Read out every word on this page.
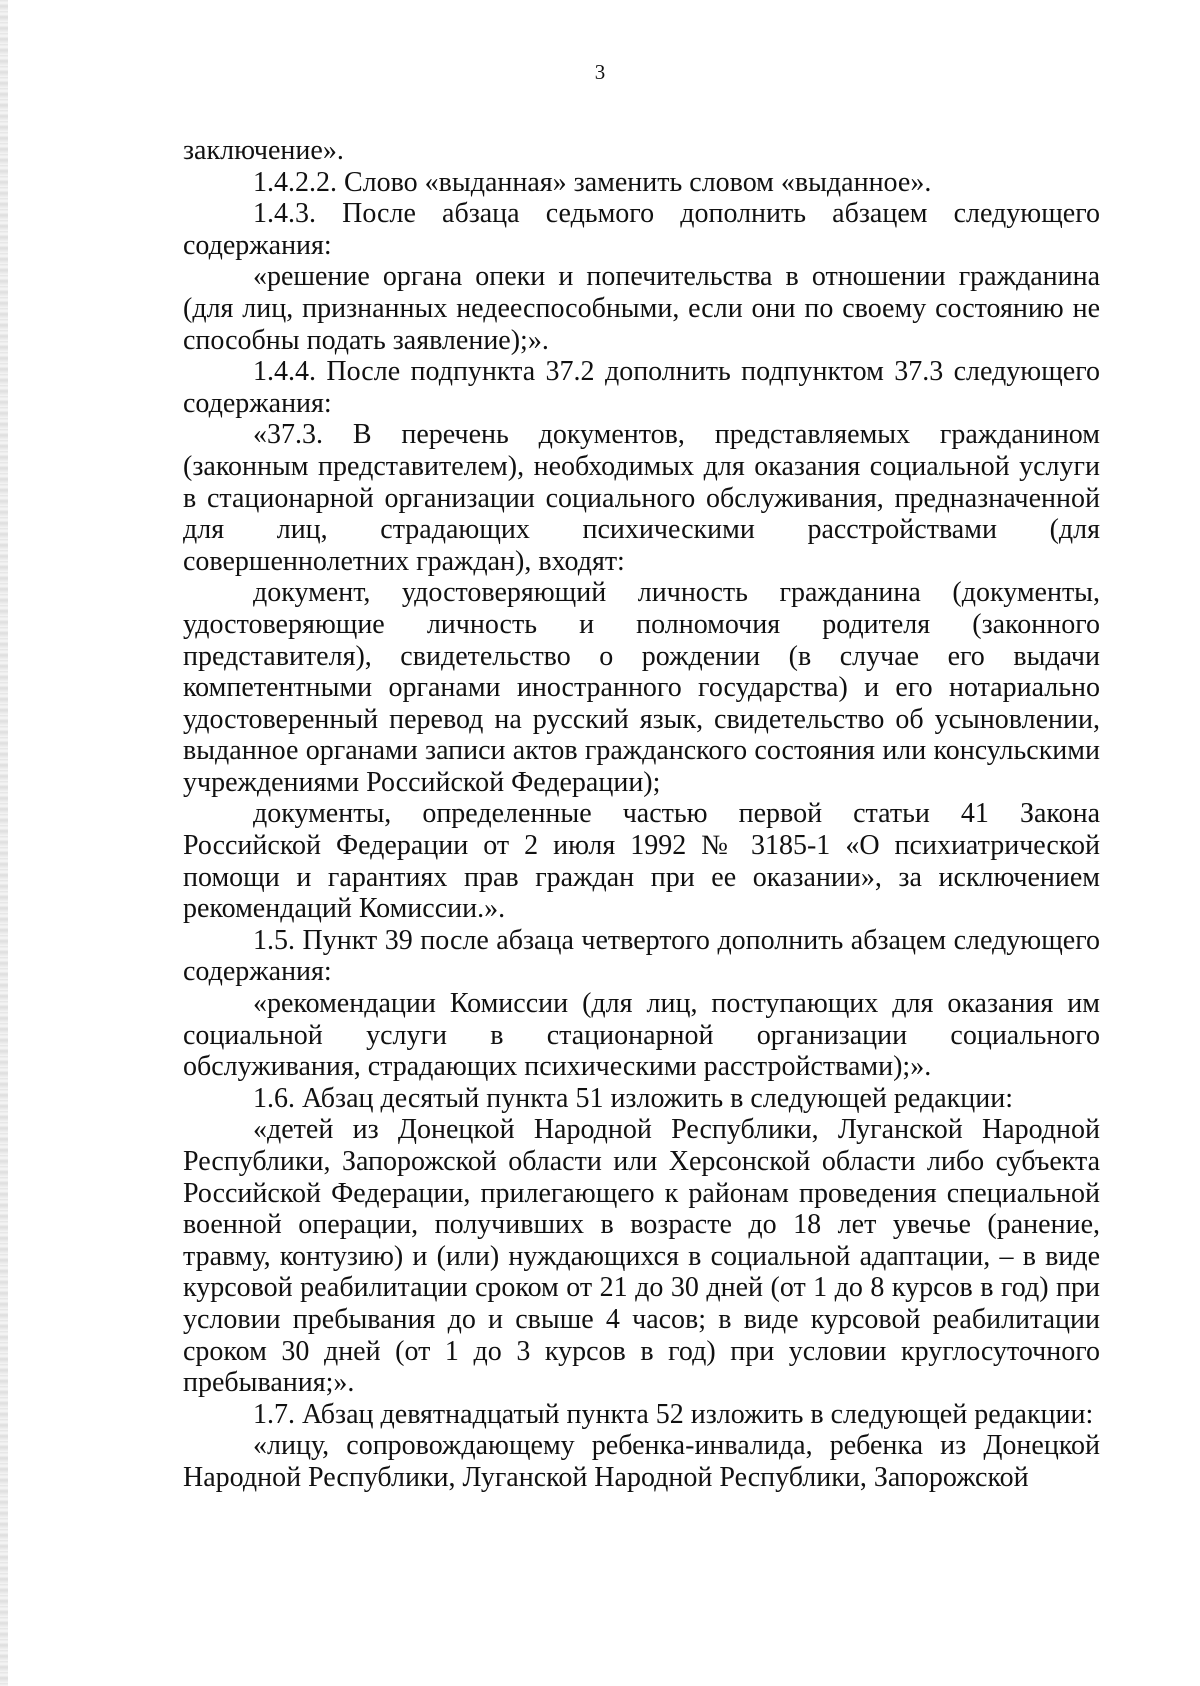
3

заключение».

1.4.2.2. Слово «выданная» заменить словом «выданное».

1.4.3. После абзаца седьмого дополнить абзацем следующего содержания:

«решение органа опеки и попечительства в отношении гражданина (для лиц, признанных недееспособными, если они по своему состоянию не способны подать заявление);».

1.4.4. После подпункта 37.2 дополнить подпунктом 37.3 следующего содержания:

«37.3. В перечень документов, представляемых гражданином (законным представителем), необходимых для оказания социальной услуги в стационарной организации социального обслуживания, предназначенной для лиц, страдающих психическими расстройствами (для совершеннолетних граждан), входят:

документ, удостоверяющий личность гражданина (документы, удостоверяющие личность и полномочия родителя (законного представителя), свидетельство о рождении (в случае его выдачи компетентными органами иностранного государства) и его нотариально удостоверенный перевод на русский язык, свидетельство об усыновлении, выданное органами записи актов гражданского состояния или консульскими учреждениями Российской Федерации);

документы, определенные частью первой статьи 41 Закона Российской Федерации от 2 июля 1992 № 3185-1 «О психиатрической помощи и гарантиях прав граждан при ее оказании», за исключением рекомендаций Комиссии.».

1.5. Пункт 39 после абзаца четвертого дополнить абзацем следующего содержания:

«рекомендации Комиссии (для лиц, поступающих для оказания им социальной услуги в стационарной организации социального обслуживания, страдающих психическими расстройствами);».

1.6. Абзац десятый пункта 51 изложить в следующей редакции:

«детей из Донецкой Народной Республики, Луганской Народной Республики, Запорожской области или Херсонской области либо субъекта Российской Федерации, прилегающего к районам проведения специальной военной операции, получивших в возрасте до 18 лет увечье (ранение, травму, контузию) и (или) нуждающихся в социальной адаптации, – в виде курсовой реабилитации сроком от 21 до 30 дней (от 1 до 8 курсов в год) при условии пребывания до и свыше 4 часов; в виде курсовой реабилитации сроком 30 дней (от 1 до 3 курсов в год) при условии круглосуточного пребывания;».

1.7. Абзац девятнадцатый пункта 52 изложить в следующей редакции:

«лицу, сопровождающему ребенка-инвалида, ребенка из Донецкой Народной Республики, Луганской Народной Республики, Запорожской
